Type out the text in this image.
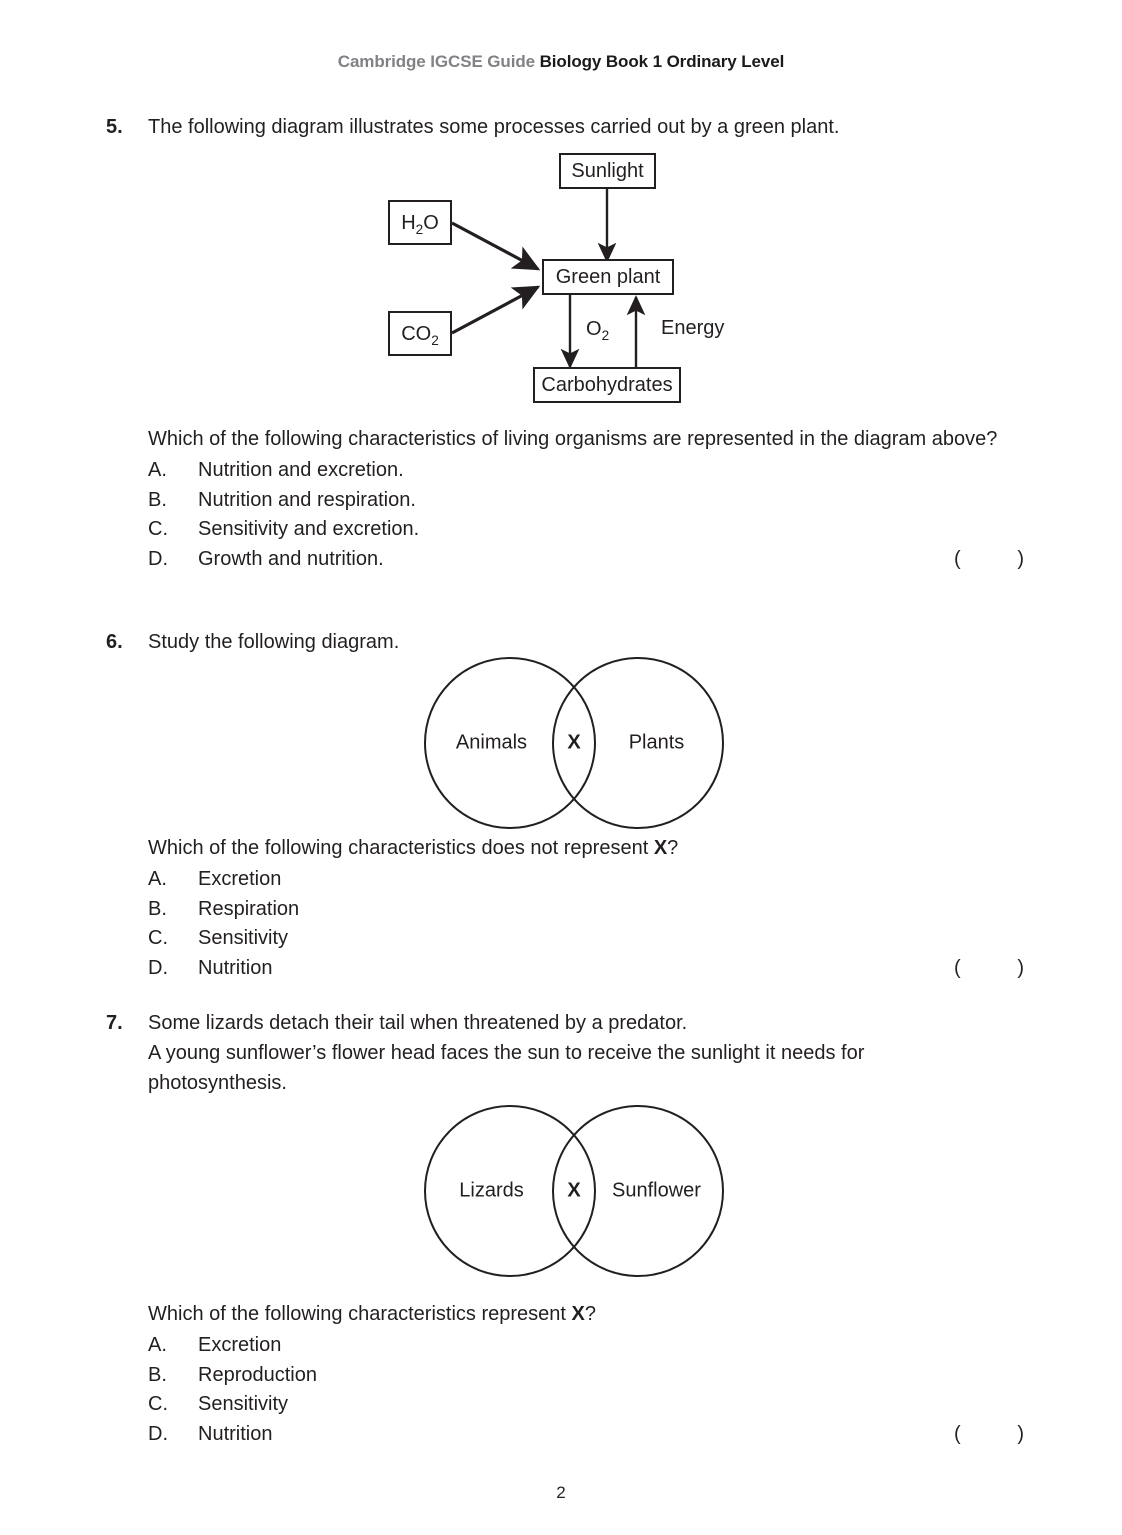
Cambridge IGCSE Guide Biology Book 1 Ordinary Level
5.	The following diagram illustrates some processes carried out by a green plant.
Sunlight
$H_2O$
$CO_2$
Green plant
Carbohydrates
$O_2$	Energy
Which of the following characteristics of living organisms are represented in the diagram above?
A.	Nutrition and excretion.
B.	Nutrition and respiration.
C.	Sensitivity and excretion.
D.	Growth and nutrition.	(	)
6.	Study the following diagram.
Animals	X	Plants
Which of the following characteristics does not represent X?
A.	Excretion
B.	Respiration
C.	Sensitivity
D.	Nutrition	(	)
7.	Some lizards detach their tail when threatened by a predator.
A young sunflower’s flower head faces the sun to receive the sunlight it needs for photosynthesis.
Lizards	X	Sunflower
Which of the following characteristics represent X?
A.	Excretion
B.	Reproduction
C.	Sensitivity
D.	Nutrition	(	)
2
